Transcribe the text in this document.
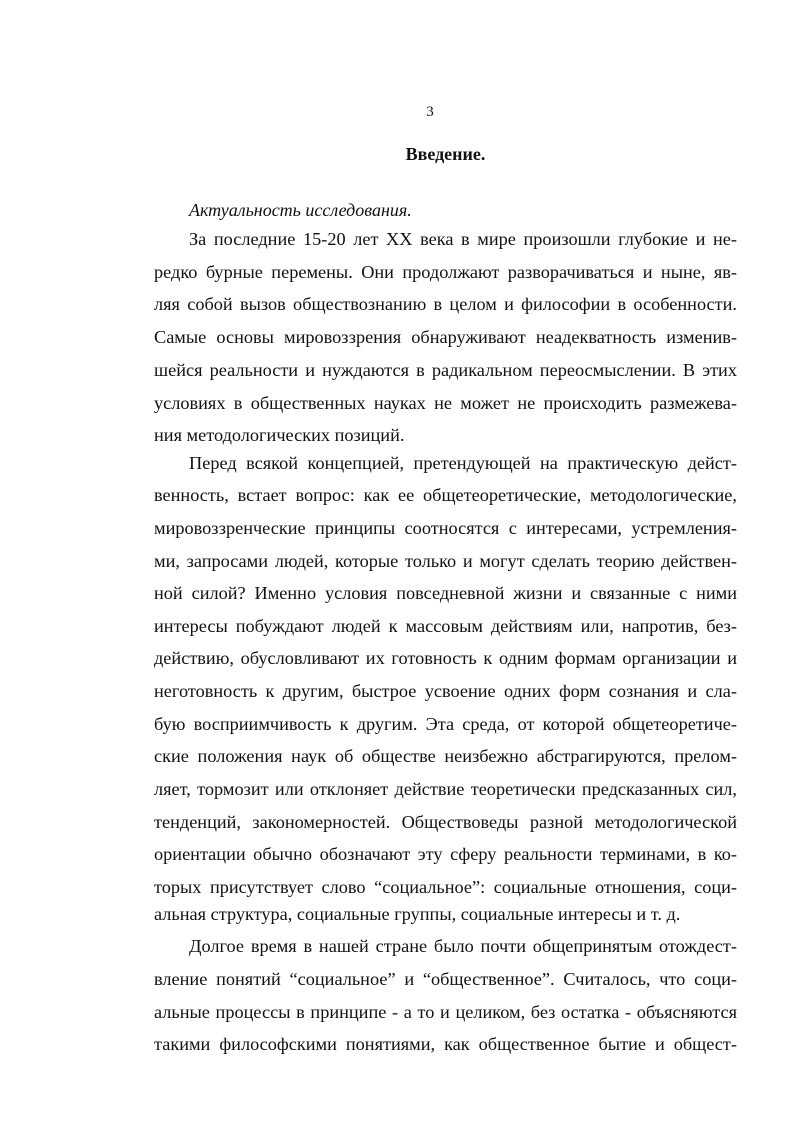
3
Введение.
Актуальность исследования.
За последние 15-20 лет XX века в мире произошли глубокие и не-
редко бурные перемены. Они продолжают разворачиваться и ныне, яв-
ляя собой вызов обществознанию в целом и философии в особенности.
Самые основы мировоззрения обнаруживают неадекватность изменив-
шейся реальности и нуждаются в радикальном переосмыслении. В этих
условиях в общественных науках не может не происходить размежева-
ния методологических позиций.
Перед всякой концепцией, претендующей на практическую дейст-
венность, встает вопрос: как ее общетеоретические, методологические,
мировоззренческие принципы соотносятся с интересами, устремления-
ми, запросами людей, которые только и могут сделать теорию действен-
ной силой? Именно условия повседневной жизни и связанные с ними
интересы побуждают людей к массовым действиям или, напротив, без-
действию, обусловливают их готовность к одним формам организации и
неготовность к другим, быстрое усвоение одних форм сознания и сла-
бую восприимчивость к другим. Эта среда, от которой общетеоретиче-
ские положения наук об обществе неизбежно абстрагируются, прелом-
ляет, тормозит или отклоняет действие теоретически предсказанных сил,
тенденций, закономерностей. Обществоведы разной методологической
ориентации обычно обозначают эту сферу реальности терминами, в ко-
торых присутствует слово “социальное”: социальные отношения, соци-
альная структура, социальные группы, социальные интересы и т. д.
Долгое время в нашей стране было почти общепринятым отождест-
вление понятий “социальное” и “общественное”. Считалось, что соци-
альные процессы в принципе - а то и целиком, без остатка - объясняются
такими философскими понятиями, как общественное бытие и общест-
